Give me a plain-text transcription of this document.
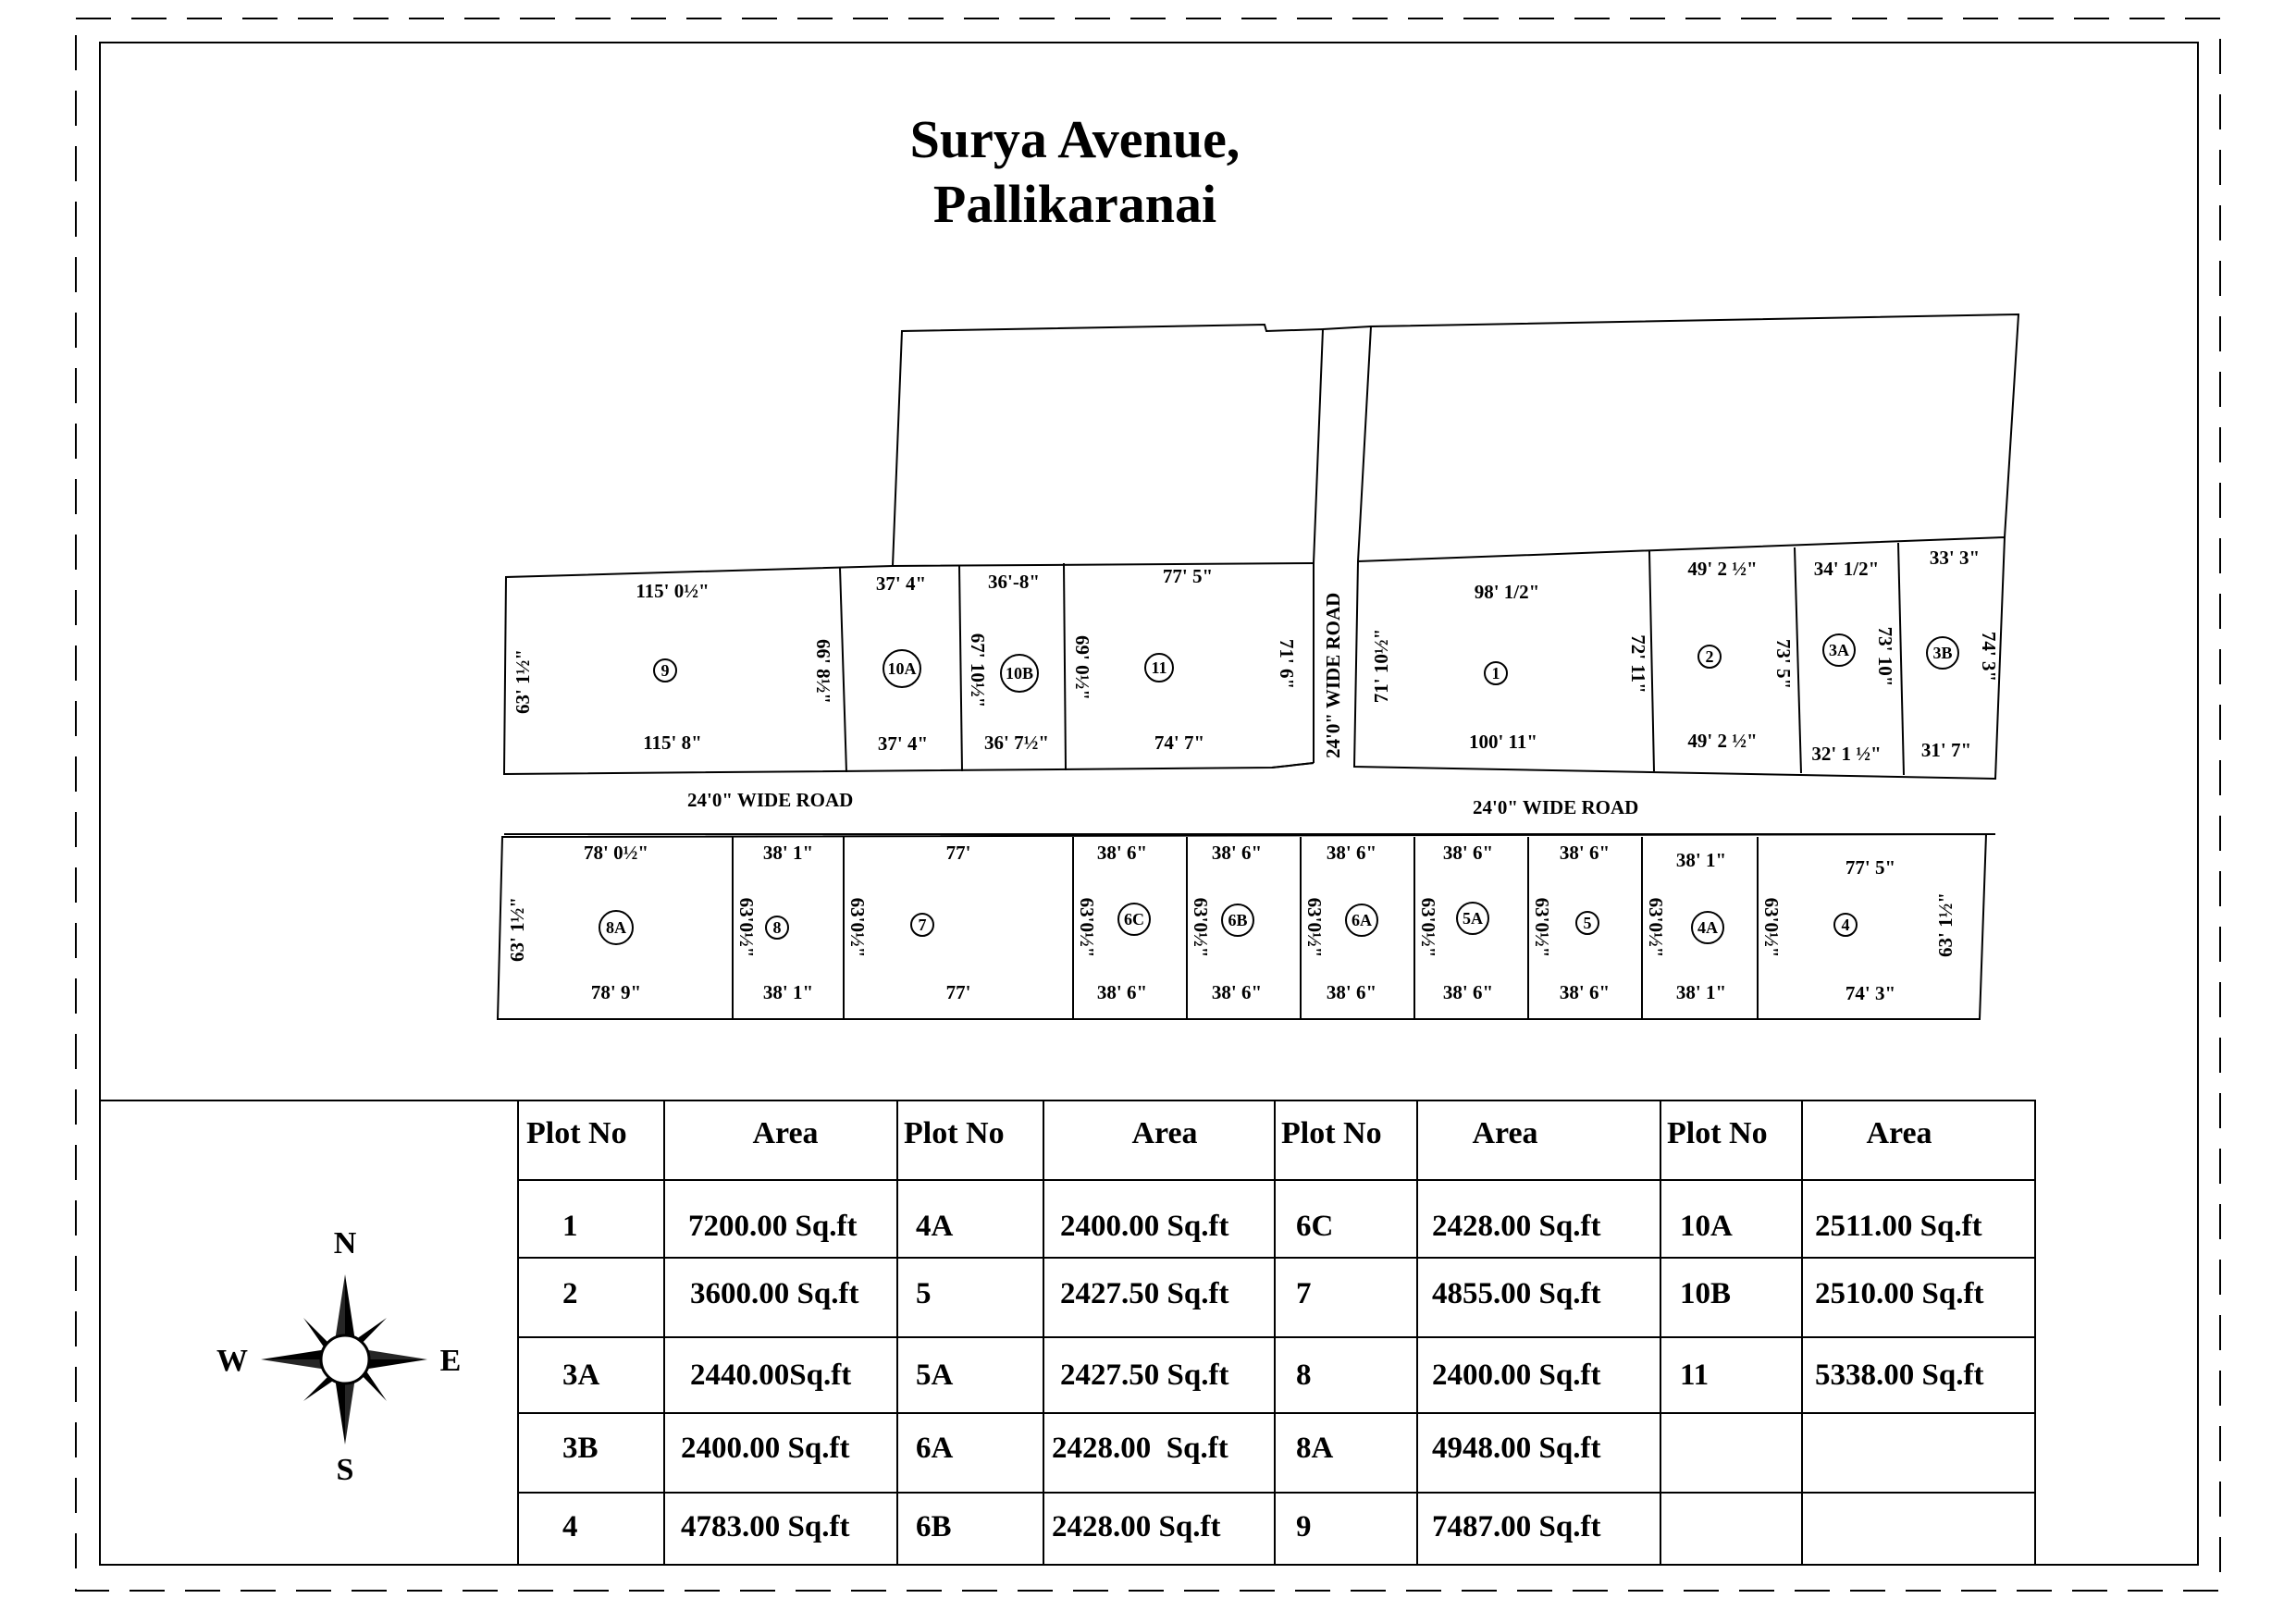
Surya Avenue,
Pallikaranai
24'0" WIDE ROAD	24'0" WIDE ROAD
24'0" WIDE ROAD
115' 0½"
115' 8"
63' 1½"	66' 8½"
9
37' 4"
37' 4"
10A
36'-8"
36' 7½"
67' 10½" 10B
77' 5"
74' 7"
69' 0½"	71' 6"
11
98' 1/2"
100' 11"
71' 10½"	72' 11"
1
49' 2 ½"
49' 2 ½"
73' 5"
2
34' 1/2"
32' 1 ½"
73' 10"
3A
33' 3"
31' 7"
74' 3"
3B
78' 0½"
78' 9"
63' 1½"	8A
38' 1"
38' 1"
63'0½" 8
77'
77'
63'0½"	7
38' 6"
38' 6"
63'0½" 6C
38' 6"
38' 6"
63'0½" 6B
38' 6"
38' 6"
63'0½" 6A
38' 6"
38' 6"
63'0½" 5A
38' 6"
38' 6"
63'0½" 5
38' 1"
38' 1"
63'0½" 4A
77' 5"
74' 3"
63'0½"	63' 1½"
4
N
S
W	E
Plot No	Area	Plot No	Area	Plot No	Area	Plot No	Area
1	7200.00 Sq.ft 4A	2400.00 Sq.ft 6C	2428.00 Sq.ft	10A	2511.00 Sq.ft
2	3600.00 Sq.ft 5	2427.50 Sq.ft 7	4855.00 Sq.ft	10B	2510.00 Sq.ft
3A	2440.00Sq.ft 5A	2427.50 Sq.ft 8	2400.00 Sq.ft	11	5338.00 Sq.ft
3B	2400.00 Sq.ft 6A	2428.00  Sq.ft 8A	4948.00 Sq.ft
4	4783.00 Sq.ft 6B	2428.00 Sq.ft 9	7487.00 Sq.ft
